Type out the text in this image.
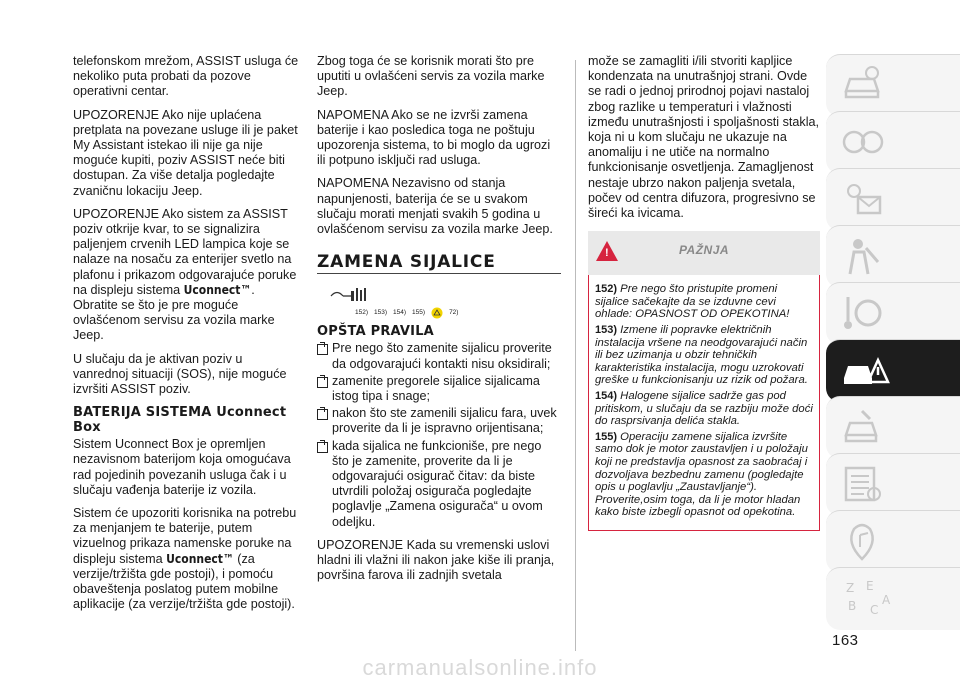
telefonskom mrežom, ASSIST usluga će nekoliko puta probati da pozove operativni centar.

UPOZORENJE Ako nije uplaćena pretplata na povezane usluge ili je paket My Assistant istekao ili nije ga nije moguće kupiti, poziv ASSIST neće biti dostupan. Za više detalja pogledajte zvaničnu lokaciju Jeep.

UPOZORENJE Ako sistem za ASSIST poziv otkrije kvar, to se signalizira paljenjem crvenih LED lampica koje se nalaze na nosaču za enterijer svetlo na plafonu i prikazom odgovarajuće poruke na displeju sistema Uconnect™. Obratite se što je pre moguće ovlašćenom servisu za vozila marke Jeep.

U slučaju da je aktivan poziv u vanrednoj situaciji (SOS), nije moguće izvršiti ASSIST poziv.

BATERIJA SISTEMA Uconnect Box

Sistem Uconnect Box je opremljen nezavisnom baterijom koja omogućava rad pojedinih povezanih usluga čak i u slučaju vađenja baterije iz vozila.

Sistem će upozoriti korisnika na potrebu za menjanjem te baterije, putem vizuelnog prikaza namenske poruke na displeju sistema Uconnect™ (za verzije/tržišta gde postoji), i pomoću obaveštenja poslatog putem mobilne aplikacije (za verzije/tržišta gde postoji).

Zbog toga će se korisnik morati što pre uputiti u ovlašćeni servis za vozila marke Jeep.

NAPOMENA Ako se ne izvrši zamena baterije i kao posledica toga ne poštuju upozorenja sistema, to bi moglo da ugrozi ili potpuno isključi rad usluga.

NAPOMENA Nezavisno od stanja napunjenosti, baterija će se u svakom slučaju morati menjati svakih 5 godina u ovlašćenom servisu za vozila marke Jeep.

ZAMENA SIJALICE
152) 153) 154) 155)	72)
OPŠTA PRAVILA

Pre nego što zamenite sijalicu proverite da odgovarajući kontakti nisu oksidirali;

zamenite pregorele sijalice sijalicama istog tipa i snage;

nakon što ste zamenili sijalicu fara, uvek proverite da li je ispravno orijentisana;

kada sijalica ne funkcioniše, pre nego što je zamenite, proverite da li je odgovarajući osigurač čitav: da biste utvrdili položaj osigurača pogledajte poglavlje „Zamena osigurača“ u ovom odeljku.

UPOZORENJE Kada su vremenski uslovi hladni ili vlažni ili nakon jake kiše ili pranja, površina farova ili zadnjih svetala

može se zamagliti i/ili stvoriti kapljice kondenzata na unutrašnjoj strani. Ovde se radi o jednoj prirodnoj pojavi nastaloj zbog razlike u temperaturi i vlažnosti između unutrašnjosti i spoljašnosti stakla, koja ni u kom slučaju ne ukazuje na anomaliju i ne utiče na normalno funkcionisanje osvetljenja. Zamagljenost nestaje ubrzo nakon paljenja svetala, počev od centra difuzora, progresivno se šireći ka ivicama.

!
PAŽNJA

152) Pre nego što pristupite promeni sijalice sačekajte da se izduvne cevi ohlade: OPASNOST OD OPEKOTINA!

153) Izmene ili popravke električnih instalacija vršene na neodgovarajući način ili bez uzimanja u obzir tehničkih karakteristika instalacija, mogu uzrokovati greške u funkcionisanju uz rizik od požara.

154) Halogene sijalice sadrže gas pod pritiskom, u slučaju da se razbiju može doći do rasprsivanja delića stakla.

155) Operaciju zamene sijalica izvršite samo dok je motor zaustavljen i u položaju koji ne predstavlja opasnost za saobraćaj i dozvoljava bezbednu zamenu (pogledajte opis u poglavlju „Zaustavljanje“). Proverite,osim toga, da li je motor hladan kako biste izbegli opasnot od opekotina.

Z E
B C
A
163
carmanualsonline.info
